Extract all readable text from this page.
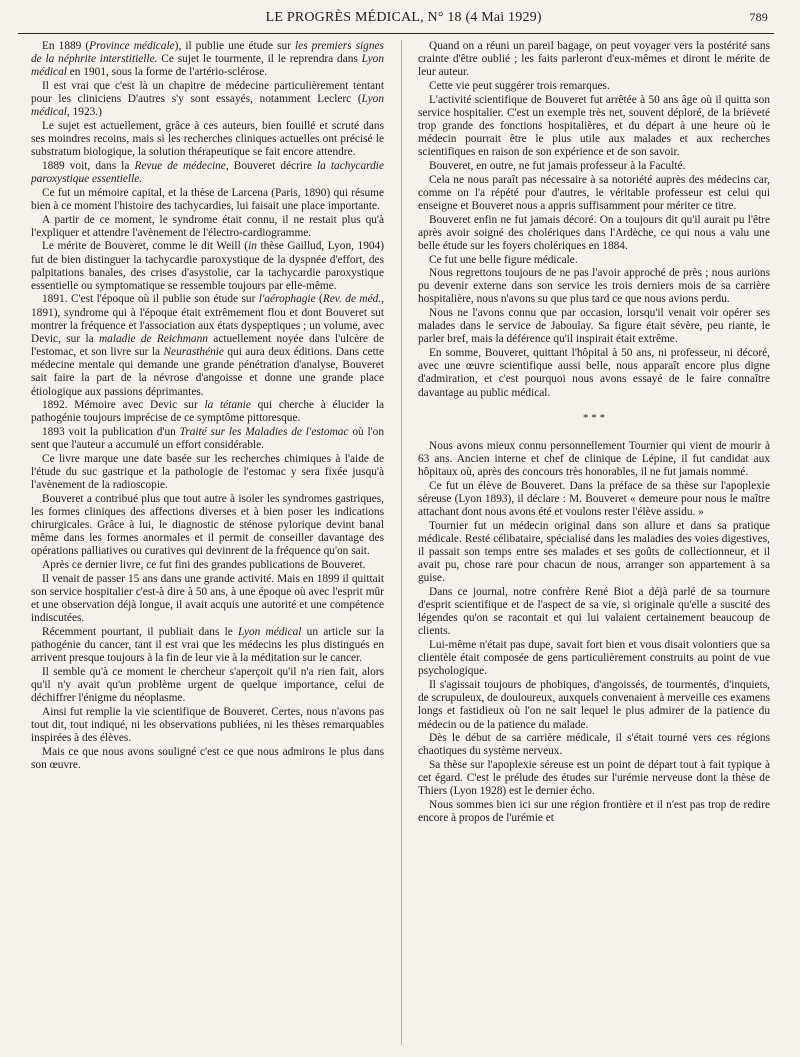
LE PROGRÈS MÉDICAL, N° 18 (4 Mai 1929)	789

En 1889 (Province médicale), il publie une étude sur les premiers signes de la néphrite interstitielle. Ce sujet le tourmente, il le reprendra dans Lyon médical en 1901, sous la forme de l'artério-sclérose.

Il est vrai que c'est là un chapitre de médecine particulièrement tentant pour les cliniciens D'autres s'y sont essayés, notamment Leclerc (Lyon médical, 1923.)

Le sujet est actuellement, grâce à ces auteurs, bien fouillé et scruté dans ses moindres recoins, mais si les recherches cliniques actuelles ont précisé le substratum biologique, la solution thérapeutique se fait encore attendre.

1889 voit, dans la Revue de médecine, Bouveret décrire la tachycardie paroxystique essentielle.

Ce fut un mémoire capital, et la thèse de Larcena (Paris, 1890) qui résume bien à ce moment l'histoire des tachycardies, lui faisait une place importante.

A partir de ce moment, le syndrome était connu, il ne restait plus qu'à l'expliquer et attendre l'avènement de l'électro-cardiogramme.

Le mérite de Bouveret, comme le dit Weill (in thèse Gaillud, Lyon, 1904) fut de bien distinguer la tachycardie paroxystique de la dyspnée d'effort, des palpitations banales, des crises d'asystolie, car la tachycardie paroxystique essentielle ou symptomatique se ressemble toujours par elle-même.

1891. C'est l'époque où il publie son étude sur l'aérophagie (Rev. de méd., 1891), syndrome qui à l'époque était extrêmement flou et dont Bouveret sut montrer la fréquence et l'association aux états dyspeptiques ; un volume, avec Devic, sur la maladie de Reichmann actuellement noyée dans l'ulcère de l'estomac, et son livre sur la Neurasthénie qui aura deux éditions. Dans cette médecine mentale qui demande une grande pénétration d'analyse, Bouveret sait faire la part de la névrose d'angoisse et donne une grande place étiologique aux passions déprimantes.

1892. Mémoire avec Devic sur la tétanie qui cherche à élucider la pathogénie toujours imprécise de ce symptôme pittoresque.

1893 voit la publication d'un Traité sur les Maladies de l'estomac où l'on sent que l'auteur a accumulé un effort considérable.

Ce livre marque une date basée sur les recherches chimiques à l'aide de l'étude du suc gastrique et la pathologie de l'estomac y sera fixée jusqu'à l'avènement de la radioscopie.

Bouveret a contribué plus que tout autre à isoler les syndromes gastriques, les formes cliniques des affections diverses et à bien poser les indications chirurgicales. Grâce à lui, le diagnostic de sténose pylorique devint banal même dans les formes anormales et il permit de conseiller davantage des opérations palliatives ou curatives qui devinrent de la fréquence qu'on sait.

Après ce dernier livre, ce fut fini des grandes publications de Bouveret.

Il venait de passer 15 ans dans une grande activité. Mais en 1899 il quittait son service hospitalier c'est-à dire à 50 ans, à une époque où avec l'esprit mûr et une observation déjà longue, il avait acquis une autorité et une compétence indiscutées.

Récemment pourtant, il publiait dans le Lyon médical un article sur la pathogénie du cancer, tant il est vrai que les médecins les plus distingués en arrivent presque toujours à la fin de leur vie à la méditation sur le cancer.

Il semble qu'à ce moment le chercheur s'aperçoit qu'il n'a rien fait, alors qu'il n'y avait qu'un problème urgent de quelque importance, celui de déchiffrer l'énigme du néoplasme.

Ainsi fut remplie la vie scientifique de Bouveret. Certes, nous n'avons pas tout dit, tout indiqué, ni les observations publiées, ni les thèses remarquables inspirées à des élèves.

Mais ce que nous avons souligné c'est ce que nous admirons le plus dans son œuvre.

Quand on a réuni un pareil bagage, on peut voyager vers la postérité sans crainte d'être oublié ; les faits parleront d'eux-mêmes et diront le mérite de leur auteur.

Cette vie peut suggérer trois remarques.

L'activité scientifique de Bouveret fut arrêtée à 50 ans âge où il quitta son service hospitalier. C'est un exemple très net, souvent déploré, de la brièveté trop grande des fonctions hospitalières, et du départ à une heure où le médecin pourrait être le plus utile aux malades et aux recherches scientifiques en raison de son expérience et de son savoir.

Bouveret, en outre, ne fut jamais professeur à la Faculté.

Cela ne nous paraît pas nécessaire à sa notoriété auprès des médecins car, comme on l'a répété pour d'autres, le véritable professeur est celui qui enseigne et Bouveret nous a appris suffisamment pour mériter ce titre.

Bouveret enfin ne fut jamais décoré. On a toujours dit qu'il aurait pu l'être après avoir soigné des cholériques dans l'Ardèche, ce qui nous a valu une belle étude sur les foyers cholériques en 1884.

Ce fut une belle figure médicale.

Nous regrettons toujours de ne pas l'avoir approché de près ; nous aurions pu devenir externe dans son service les trois derniers mois de sa carrière hospitalière, nous n'avons su que plus tard ce que nous avions perdu.

Nous ne l'avons connu que par occasion, lorsqu'il venait voir opérer ses malades dans le service de Jaboulay. Sa figure était sévère, peu riante, le parler bref, mais la déférence qu'il inspirait était extrême.

En somme, Bouveret, quittant l'hôpital à 50 ans, ni professeur, ni décoré, avec une œuvre scientifique aussi belle, nous apparaît encore plus digne d'admiration, et c'est pourquoi nous avons essayé de le faire connaître davantage au public médical.

* * *

Nous avons mieux connu personnellement Tournier qui vient de mourir à 63 ans. Ancien interne et chef de clinique de Lépine, il fut candidat aux hôpitaux où, après des concours très honorables, il ne fut jamais nommé.

Ce fut un élève de Bouveret. Dans la préface de sa thèse sur l'apoplexie séreuse (Lyon 1893), il déclare : M. Bouveret « demeure pour nous le maître attachant dont nous avons été et voulons rester l'élève assidu. »

Tournier fut un médecin original dans son allure et dans sa pratique médicale. Resté célibataire, spécialisé dans les maladies des voies digestives, il passait son temps entre ses malades et ses goûts de collectionneur, et il avait pu, chose rare pour chacun de nous, arranger son appartement à sa guise.

Dans ce journal, notre confrère René Biot a déjà parlé de sa tournure d'esprit scientifique et de l'aspect de sa vie, si originale qu'elle a suscité des légendes qu'on se racontait et qui lui valaient certainement beaucoup de clients.

Lui-même n'était pas dupe, savait fort bien et vous disait volontiers que sa clientèle était composée de gens particulièrement construits au point de vue psychologique.

Il s'agissait toujours de phobiques, d'angoissés, de tourmentés, d'inquiets, de scrupuleux, de douloureux, auxquels convenaient à merveille ces examens longs et fastidieux où l'on ne sait lequel le plus admirer de la patience du médecin ou de la patience du malade.

Dès le début de sa carrière médicale, il s'était tourné vers ces régions chaotiques du système nerveux.

Sa thèse sur l'apoplexie séreuse est un point de départ tout à fait typique à cet égard. C'est le prélude des études sur l'urémie nerveuse dont la thèse de Thiers (Lyon 1928) est le dernier écho.

Nous sommes bien ici sur une région frontière et il n'est pas trop de redire encore à propos de l'urémie et
